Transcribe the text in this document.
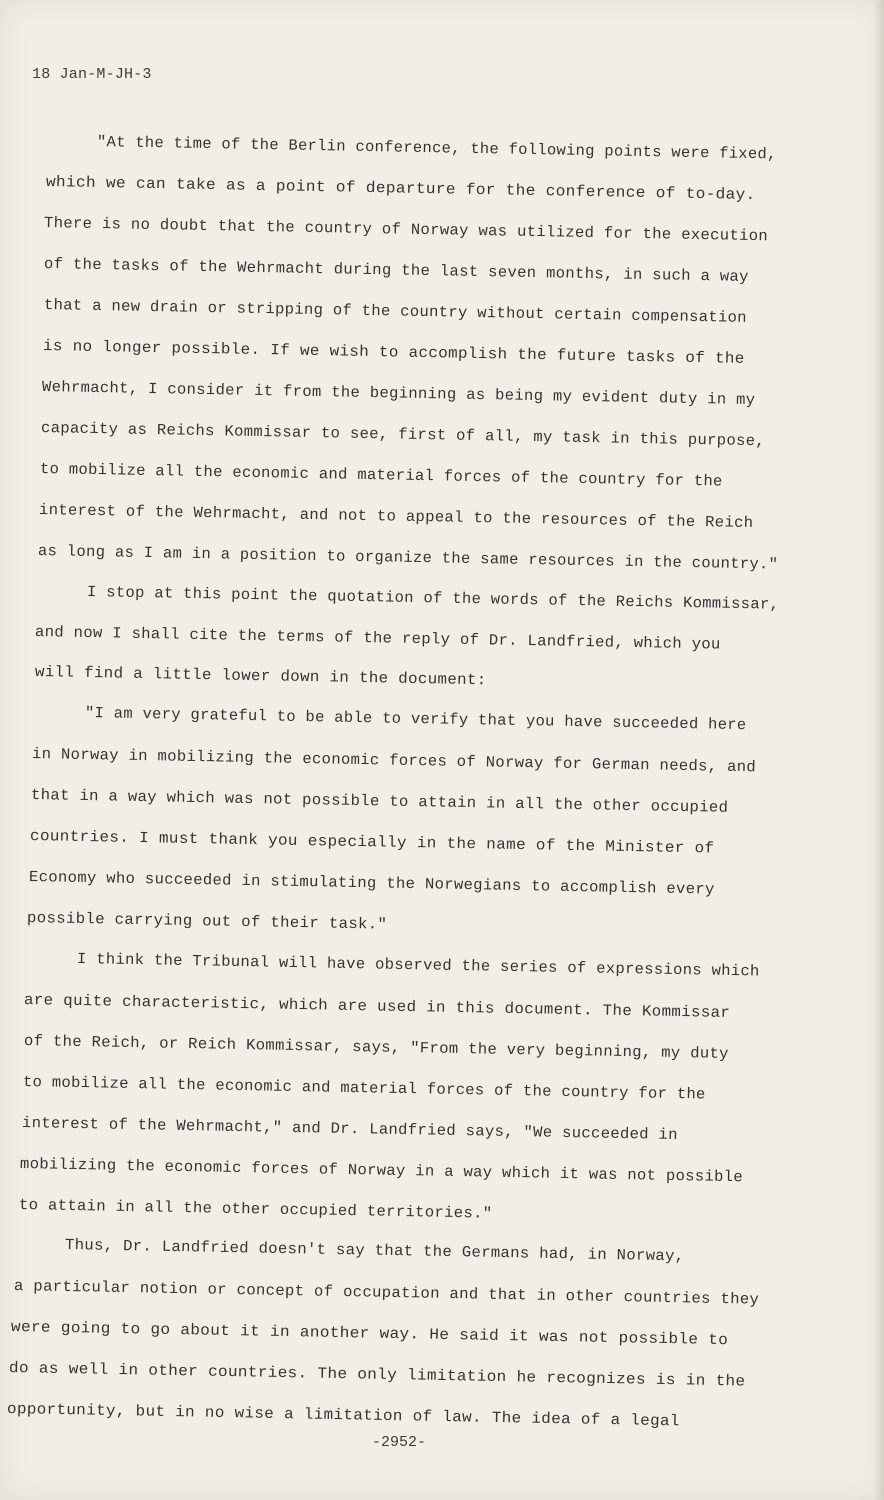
18 Jan-M-JH-3
"At the time of the Berlin conference, the following points were fixed,
which we can take as a point of departure for the conference of to-day.
There is no doubt that the country of Norway was utilized for the execution
of the tasks of the Wehrmacht during the last seven months, in such a way
that a new drain or stripping of the country without certain compensation
is no longer possible. If we wish to accomplish the future tasks of the
Wehrmacht, I consider it from the beginning as being my evident duty in my
capacity as Reichs Kommissar to see, first of all, my task in this purpose,
to mobilize all the economic and material forces of the country for the
interest of the Wehrmacht, and not to appeal to the resources of the Reich
as long as I am in a position to organize the same resources in the country."
I stop at this point the quotation of the words of the Reichs Kommissar,
and now I shall cite the terms of the reply of Dr. Landfried, which you
will find a little lower down in the document:
"I am very grateful to be able to verify that you have succeeded here
in Norway in mobilizing the economic forces of Norway for German needs, and
that in a way which was not possible to attain in all the other occupied
countries. I must thank you especially in the name of the Minister of
Economy who succeeded in stimulating the Norwegians to accomplish every
possible carrying out of their task."
I think the Tribunal will have observed the series of expressions which
are quite characteristic, which are used in this document. The Kommissar
of the Reich, or Reich Kommissar, says, "From the very beginning, my duty
to mobilize all the economic and material forces of the country for the
interest of the Wehrmacht," and Dr. Landfried says, "We succeeded in
mobilizing the economic forces of Norway in a way which it was not possible
to attain in all the other occupied territories."
Thus, Dr. Landfried doesn't say that the Germans had, in Norway,
a particular notion or concept of occupation and that in other countries they
were going to go about it in another way. He said it was not possible to
do as well in other countries. The only limitation he recognizes is in the
opportunity, but in no wise a limitation of law. The idea of a legal
-2952-
